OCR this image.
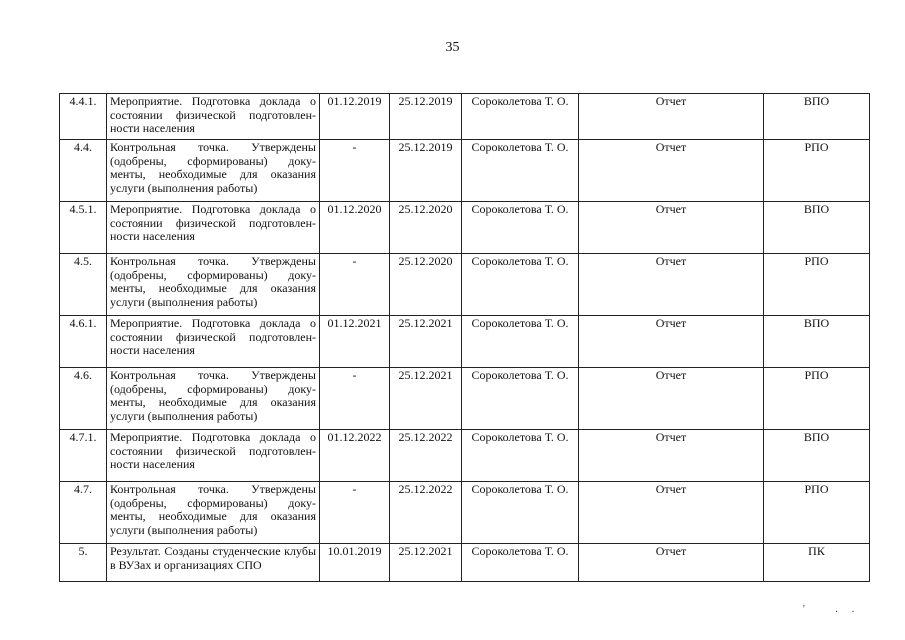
35
4.4.1.	Мероприятие. Подготовка доклада о состоянии физической подготовлен-ности населения	01.12.2019	25.12.2019	Сороколетова Т. О.	Отчет	ВПО
4.4.	Контрольная точка. Утверждены (одобрены, сформированы) доку-менты, необходимые для оказания услуги (выполнения работы)	-	25.12.2019	Сороколетова Т. О.	Отчет	РПО
4.5.1.	Мероприятие. Подготовка доклада о состоянии физической подготовлен-ности населения	01.12.2020	25.12.2020	Сороколетова Т. О.	Отчет	ВПО
4.5.	Контрольная точка. Утверждены (одобрены, сформированы) доку-менты, необходимые для оказания услуги (выполнения работы)	-	25.12.2020	Сороколетова Т. О.	Отчет	РПО
4.6.1.	Мероприятие. Подготовка доклада о состоянии физической подготовлен-ности населения	01.12.2021	25.12.2021	Сороколетова Т. О.	Отчет	ВПО
4.6.	Контрольная точка. Утверждены (одобрены, сформированы) доку-менты, необходимые для оказания услуги (выполнения работы)	-	25.12.2021	Сороколетова Т. О.	Отчет	РПО
4.7.1.	Мероприятие. Подготовка доклада о состоянии физической подготовлен-ности населения	01.12.2022	25.12.2022	Сороколетова Т. О.	Отчет	ВПО
4.7.	Контрольная точка. Утверждены (одобрены, сформированы) доку-менты, необходимые для оказания услуги (выполнения работы)	-	25.12.2022	Сороколетова Т. О.	Отчет	РПО
5.	Результат. Созданы студенческие клубы в ВУЗах и организациях СПО	10.01.2019	25.12.2021	Сороколетова Т. О.	Отчет	ПК
' ..
